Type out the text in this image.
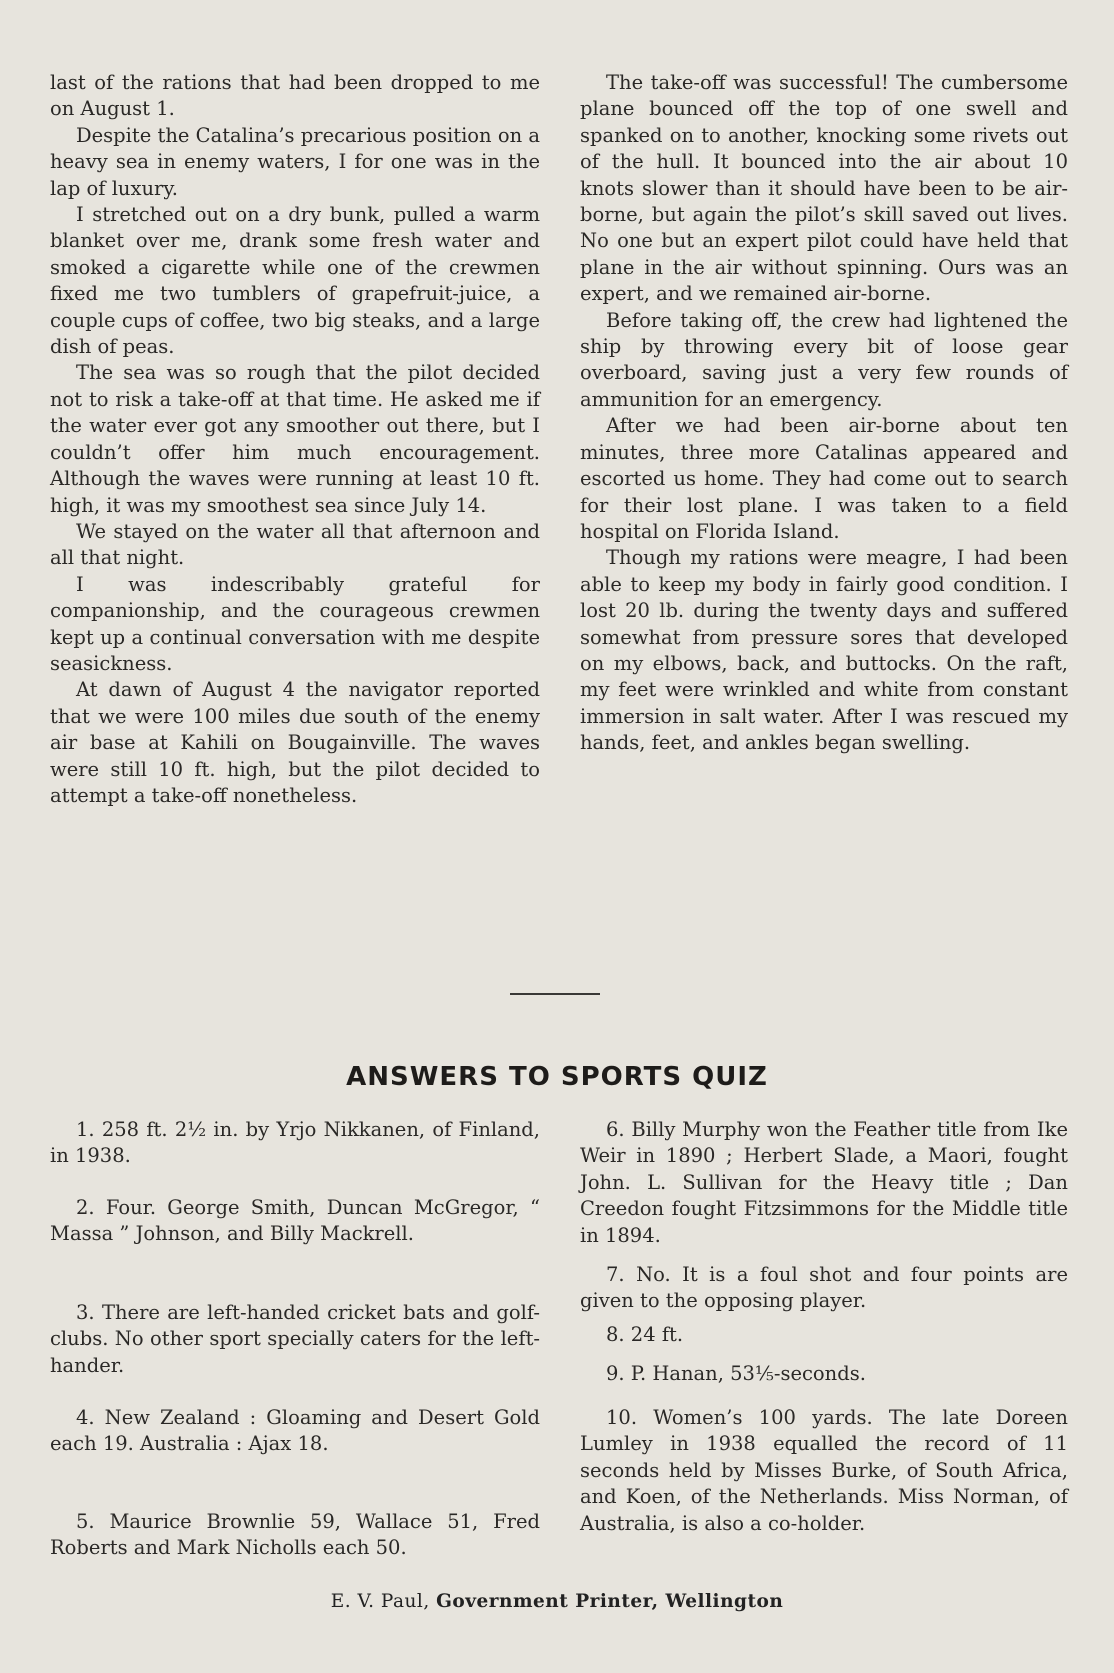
last of the rations that had been dropped to me on August 1.

Despite the Catalina’s precarious position on a heavy sea in enemy waters, I for one was in the lap of luxury.

I stretched out on a dry bunk, pulled a warm blanket over me, drank some fresh water and smoked a cigarette while one of the crewmen fixed me two tumblers of grapefruit-juice, a couple cups of coffee, two big steaks, and a large dish of peas.

The sea was so rough that the pilot decided not to risk a take-off at that time. He asked me if the water ever got any smoother out there, but I couldn’t offer him much encouragement. Although the waves were running at least 10 ft. high, it was my smoothest sea since July 14.

We stayed on the water all that afternoon and all that night.

I was indescribably grateful for companionship, and the courageous crewmen kept up a continual conversation with me despite seasickness.

At dawn of August 4 the navigator reported that we were 100 miles due south of the enemy air base at Kahili on Bougainville. The waves were still 10 ft. high, but the pilot decided to attempt a take-off nonetheless.

The take-off was successful! The cumbersome plane bounced off the top of one swell and spanked on to another, knocking some rivets out of the hull. It bounced into the air about 10 knots slower than it should have been to be air-borne, but again the pilot’s skill saved out lives. No one but an expert pilot could have held that plane in the air without spinning. Ours was an expert, and we remained air-borne.

Before taking off, the crew had lightened the ship by throwing every bit of loose gear overboard, saving just a very few rounds of ammunition for an emergency.

After we had been air-borne about ten minutes, three more Catalinas appeared and escorted us home. They had come out to search for their lost plane. I was taken to a field hospital on Florida Island.

Though my rations were meagre, I had been able to keep my body in fairly good condition. I lost 20 lb. during the twenty days and suffered somewhat from pressure sores that developed on my elbows, back, and buttocks. On the raft, my feet were wrinkled and white from constant immersion in salt water. After I was rescued my hands, feet, and ankles began swelling.

ANSWERS TO SPORTS QUIZ
1. 258 ft. 2½ in. by Yrjo Nikkanen, of Finland, in 1938.
2. Four. George Smith, Duncan McGregor, “ Massa ” Johnson, and Billy Mackrell.
3. There are left-handed cricket bats and golf-clubs. No other sport specially caters for the left-hander.
4. New Zealand : Gloaming and Desert Gold each 19. Australia : Ajax 18.
5. Maurice Brownlie 59, Wallace 51, Fred Roberts and Mark Nicholls each 50.
6. Billy Murphy won the Feather title from Ike Weir in 1890 ; Herbert Slade, a Maori, fought John. L. Sullivan for the Heavy title ; Dan Creedon fought Fitzsimmons for the Middle title in 1894.
7. No. It is a foul shot and four points are given to the opposing player.
8. 24 ft.
9. P. Hanan, 53⅕-seconds.
10. Women’s 100 yards. The late Doreen Lumley in 1938 equalled the record of 11 seconds held by Misses Burke, of South Africa, and Koen, of the Netherlands. Miss Norman, of Australia, is also a co-holder.
E. V. Paul, Government Printer, Wellington
